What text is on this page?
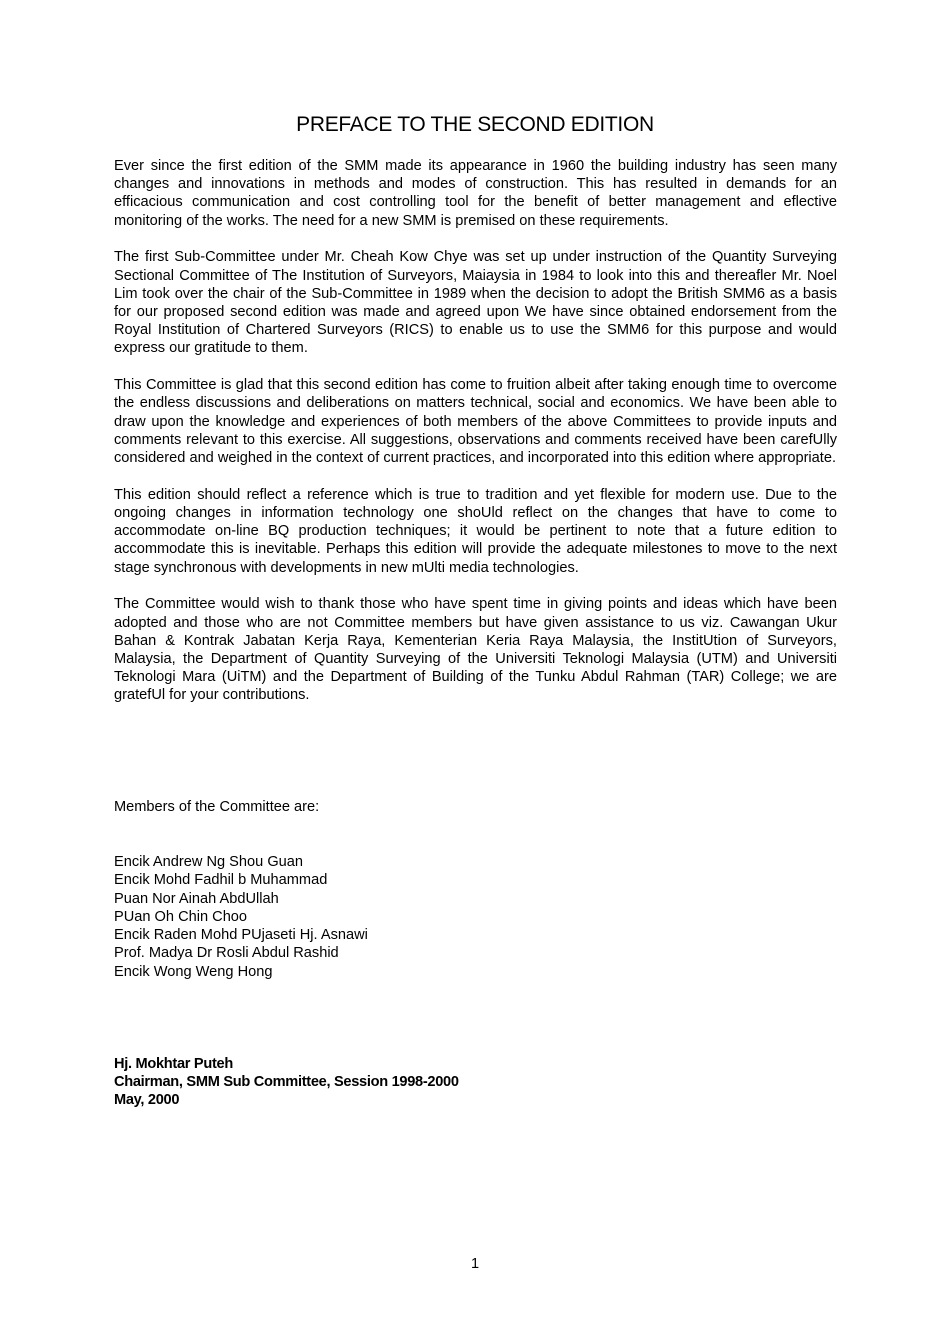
PREFACE TO THE SECOND EDITION

Ever since the first edition of the SMM made its appearance in 1960 the building industry has seen many changes and innovations in methods and modes of construction. This has resulted in demands for an efficacious communication and cost controlling tool for the benefit of better management and eflective monitoring of the works. The need for a new SMM is premised on these requirements.

The first Sub-Committee under Mr. Cheah Kow Chye was set up under instruction of the Quantity Surveying Sectional Committee of The Institution of Surveyors, Maiaysia in 1984 to look into this and thereafler Mr. Noel Lim took over the chair of the Sub-Committee in 1989 when the decision to adopt the British SMM6 as a basis for our proposed second edition was made and agreed upon We have since obtained endorsement from the Royal Institution of Chartered Surveyors (RICS) to enable us to use the SMM6 for this purpose and would express our gratitude to them.

This Committee is glad that this second edition has come to fruition albeit after taking enough time to overcome the endless discussions and deliberations on matters technical, social and economics. We have been able to draw upon the knowledge and experiences of both members of the above Committees to provide inputs and comments relevant to this exercise. All suggestions, observations and comments received have been carefUlly considered and weighed in the context of current practices, and incorporated into this edition where appropriate.

This edition should reflect a reference which is true to tradition and yet flexible for modern use. Due to the ongoing changes in information technology one shoUld reflect on the changes that have to come to accommodate on-line BQ production techniques; it would be pertinent to note that a future edition to accommodate this is inevitable. Perhaps this edition will provide the adequate milestones to move to the next stage synchronous with developments in new mUlti media technologies.

The Committee would wish to thank those who have spent time in giving points and ideas which have been adopted and those who are not Committee members but have given assistance to us viz. Cawangan Ukur Bahan & Kontrak Jabatan Kerja Raya, Kementerian Keria Raya Malaysia, the InstitUtion of Surveyors, Malaysia, the Department of Quantity Surveying of the Universiti Teknologi Malaysia (UTM) and Universiti Teknologi Mara (UiTM) and the Department of Building of the Tunku Abdul Rahman (TAR) College; we are gratefUl for your contributions.

Members of the Committee are:
Encik Andrew Ng Shou Guan
Encik Mohd Fadhil b Muhammad
Puan Nor Ainah AbdUllah
PUan Oh Chin Choo
Encik Raden Mohd PUjaseti Hj. Asnawi
Prof. Madya Dr Rosli Abdul Rashid
Encik Wong Weng Hong
Hj. Mokhtar Puteh
Chairman, SMM Sub Committee, Session 1998-2000
May, 2000
1
